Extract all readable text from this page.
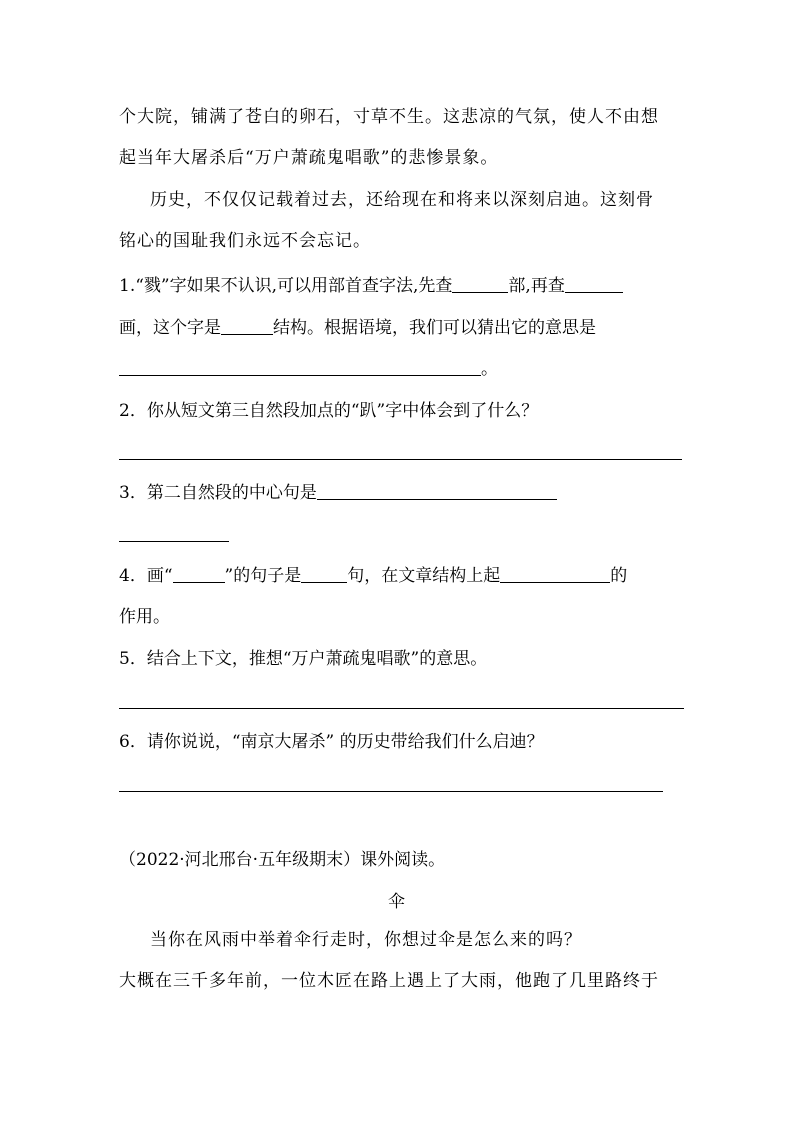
个大院，铺满了苍白的卵石，寸草不生。这悲凉的气氛，使人不由想
起当年大屠杀后“万户萧疏鬼唱歌”的悲惨景象。
历史，不仅仅记载着过去，还给现在和将来以深刻启迪。这刻骨
铭心的国耻我们永远不会忘记。
1.“戮”字如果不认识,可以用部首查字法,先查	部,再查
画，这个字是	结构。根据语境，我们可以猜出它的意思是
。
2．你从短文第三自然段加点的“趴”字中体会到了什么？
3．第二自然段的中心句是
4．画“	”的句子是	句，在文章结构上起	的
作用。
5．结合上下文，推想“万户萧疏鬼唱歌”的意思。
6．请你说说，“南京大屠杀” 的历史带给我们什么启迪？
（2022·河北邢台·五年级期末）课外阅读。
伞
当你在风雨中举着伞行走时，你想过伞是怎么来的吗？
大概在三千多年前，一位木匠在路上遇上了大雨，他跑了几里路终于
